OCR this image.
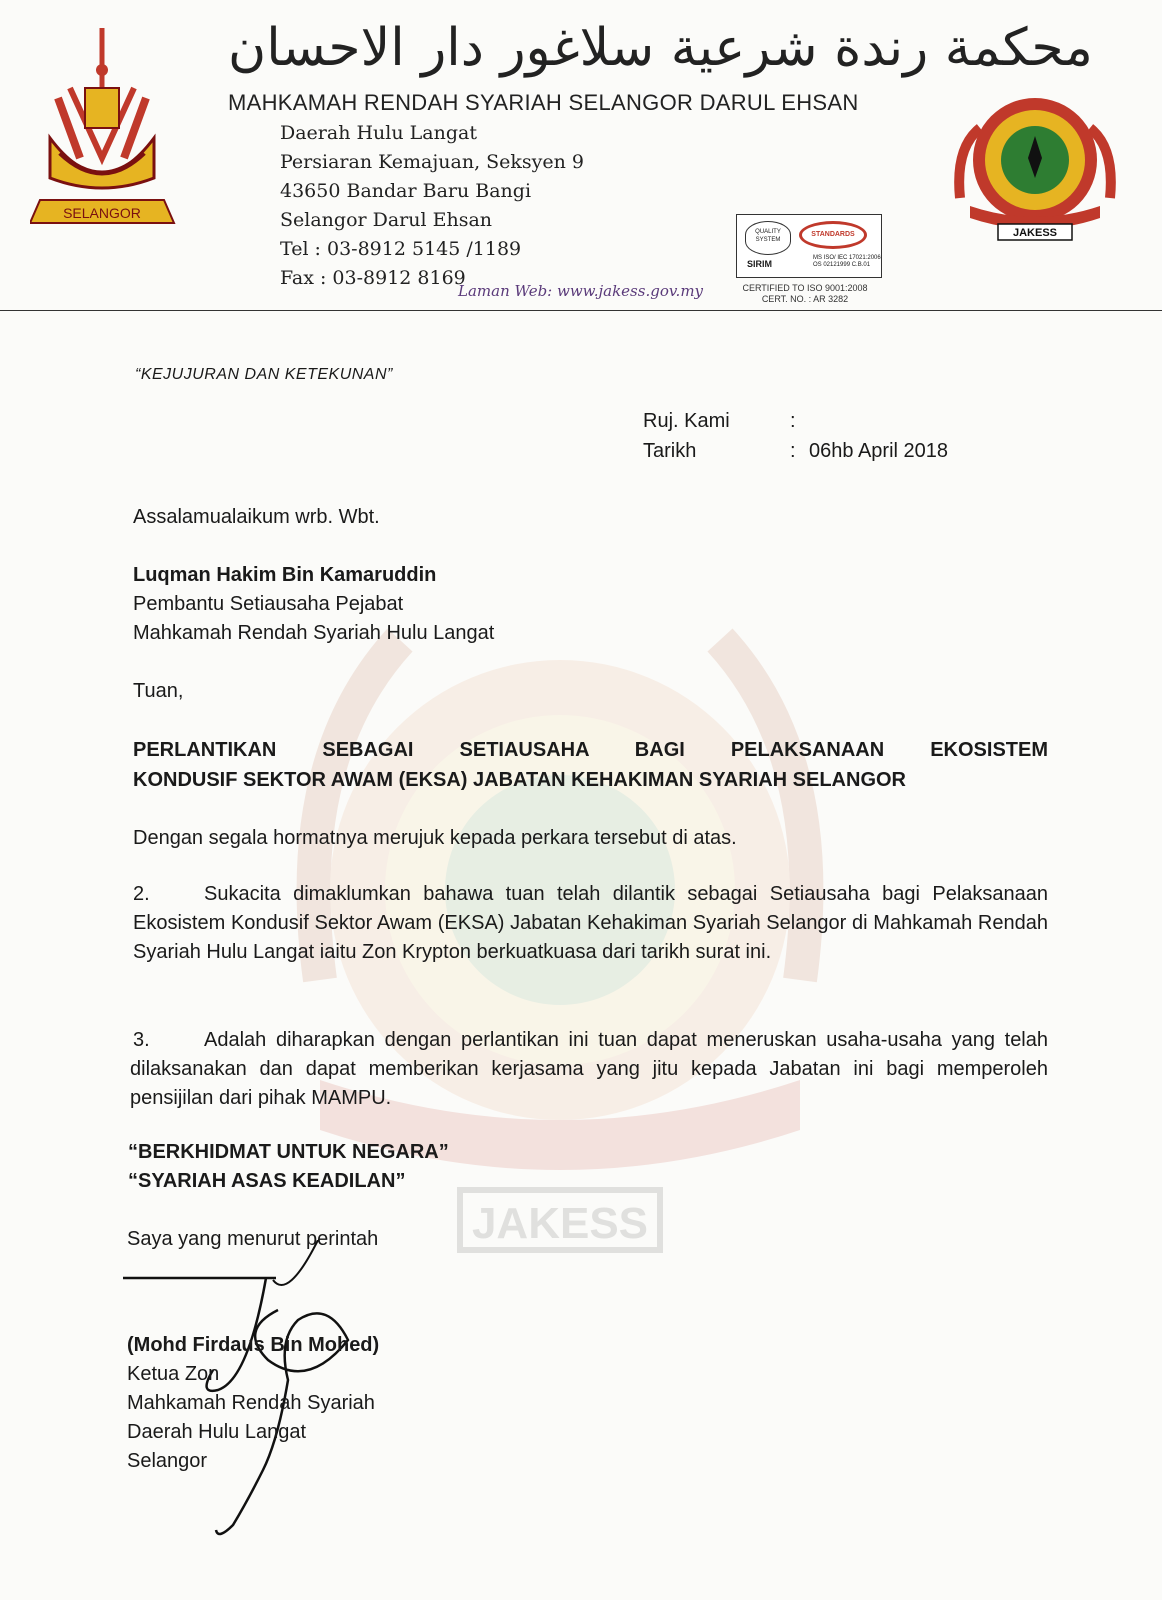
SELANGOR
محكمة رندة شرعية سلاغور دار الاحسان
MAHKAMAH RENDAH SYARIAH SELANGOR DARUL EHSAN
Daerah Hulu Langat
Persiaran Kemajuan, Seksyen 9
43650 Bandar Baru Bangi
Selangor Darul Ehsan
Tel : 03-8912 5145 /1189
Fax : 03-8912 8169
Laman Web: www.jakess.gov.my
QUALITY SYSTEM
SIRIM
STANDARDS
MS ISO/ IEC 17021:2006
OS 02121999 C.B.01
CERTIFIED TO ISO 9001:2008
CERT. NO. : AR 3282
JAKESS
JAKESS
“KEJUJURAN DAN KETEKUNAN”
Ruj. Kami	:
Tarikh	: 06hb April 2018
Assalamualaikum wrb. Wbt.
Luqman Hakim Bin Kamaruddin
Pembantu Setiausaha Pejabat
Mahkamah Rendah Syariah Hulu Langat
Tuan,
PERLANTIKAN SEBAGAI SETIAUSAHA BAGI PELAKSANAAN EKOSISTEM
KONDUSIF SEKTOR AWAM (EKSA) JABATAN KEHAKIMAN SYARIAH SELANGOR
Dengan segala hormatnya merujuk kepada perkara tersebut di atas.
2.	Sukacita dimaklumkan bahawa tuan telah dilantik sebagai Setiausaha bagi Pelaksanaan Ekosistem Kondusif Sektor Awam (EKSA) Jabatan Kehakiman Syariah Selangor di Mahkamah Rendah Syariah Hulu Langat iaitu Zon Krypton berkuatkuasa dari tarikh surat ini.
3.	Adalah diharapkan dengan perlantikan ini tuan dapat meneruskan usaha-usaha yang telah dilaksanakan dan dapat memberikan kerjasama yang jitu kepada Jabatan ini bagi memperoleh pensijilan dari pihak MAMPU.
“BERKHIDMAT UNTUK NEGARA”
“SYARIAH ASAS KEADILAN”
Saya yang menurut perintah
(Mohd Firdaus Bin Mohed)
Ketua Zon
Mahkamah Rendah Syariah
Daerah Hulu Langat
Selangor
